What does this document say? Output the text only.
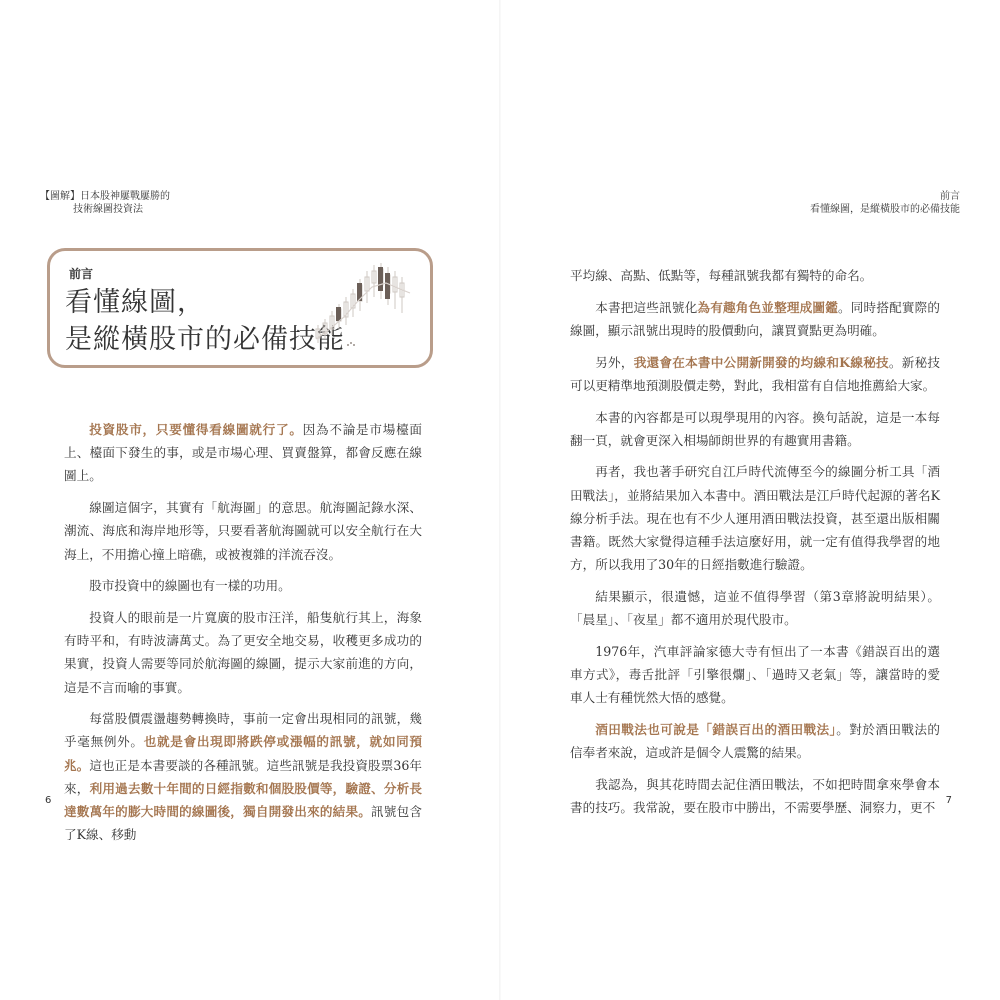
【圖解】日本股神屢戰屢勝的
技術線圖投資法
前言
看懂線圖，
是縱橫股市的必備技能

投資股市，只要懂得看線圖就行了。因為不論是市場檯面上、檯面下發生的事，或是市場心理、買賣盤算，都會反應在線圖上。

線圖這個字，其實有「航海圖」的意思。航海圖記錄水深、潮流、海底和海岸地形等，只要看著航海圖就可以安全航行在大海上，不用擔心撞上暗礁，或被複雜的洋流吞沒。

股市投資中的線圖也有一樣的功用。

投資人的眼前是一片寬廣的股市汪洋，船隻航行其上，海象有時平和，有時波濤萬丈。為了更安全地交易，收穫更多成功的果實，投資人需要等同於航海圖的線圖，提示大家前進的方向，這是不言而喻的事實。

每當股價震盪趨勢轉換時，事前一定會出現相同的訊號，幾乎毫無例外。也就是會出現即將跌停或漲幅的訊號，就如同預兆。這也正是本書要談的各種訊號。這些訊號是我投資股票36年來，利用過去數十年間的日經指數和個股股價等，驗證、分析長達數萬年的膨大時間的線圖後，獨自開發出來的結果。訊號包含了K線、移動

6
前言
看懂線圖，是縱橫股市的必備技能
7

平均線、高點、低點等，每種訊號我都有獨特的命名。

本書把這些訊號化為有趣角色並整理成圖鑑。同時搭配實際的線圖，顯示訊號出現時的股價動向，讓買賣點更為明確。

另外，我還會在本書中公開新開發的均線和K線秘技。新秘技可以更精準地預測股價走勢，對此，我相當有自信地推薦給大家。

本書的內容都是可以現學現用的內容。換句話說，這是一本每翻一頁，就會更深入相場師朗世界的有趣實用書籍。

再者，我也著手研究自江戶時代流傳至今的線圖分析工具「酒田戰法」，並將結果加入本書中。酒田戰法是江戶時代起源的著名K線分析手法。現在也有不少人運用酒田戰法投資，甚至還出版相關書籍。既然大家覺得這種手法這麼好用，就一定有值得我學習的地方，所以我用了30年的日經指數進行驗證。

結果顯示，很遺憾，這並不值得學習（第3章將說明結果）。「晨星」、「夜星」都不適用於現代股市。

1976年，汽車評論家德大寺有恒出了一本書《錯誤百出的選車方式》，毒舌批評「引擎很爛」、「過時又老氣」等，讓當時的愛車人士有種恍然大悟的感覺。

酒田戰法也可說是「錯誤百出的酒田戰法」。對於酒田戰法的信奉者來說，這或許是個令人震驚的結果。

我認為，與其花時間去記住酒田戰法，不如把時間拿來學會本書的技巧。我常說，要在股市中勝出，不需要學歷、洞察力，更不
